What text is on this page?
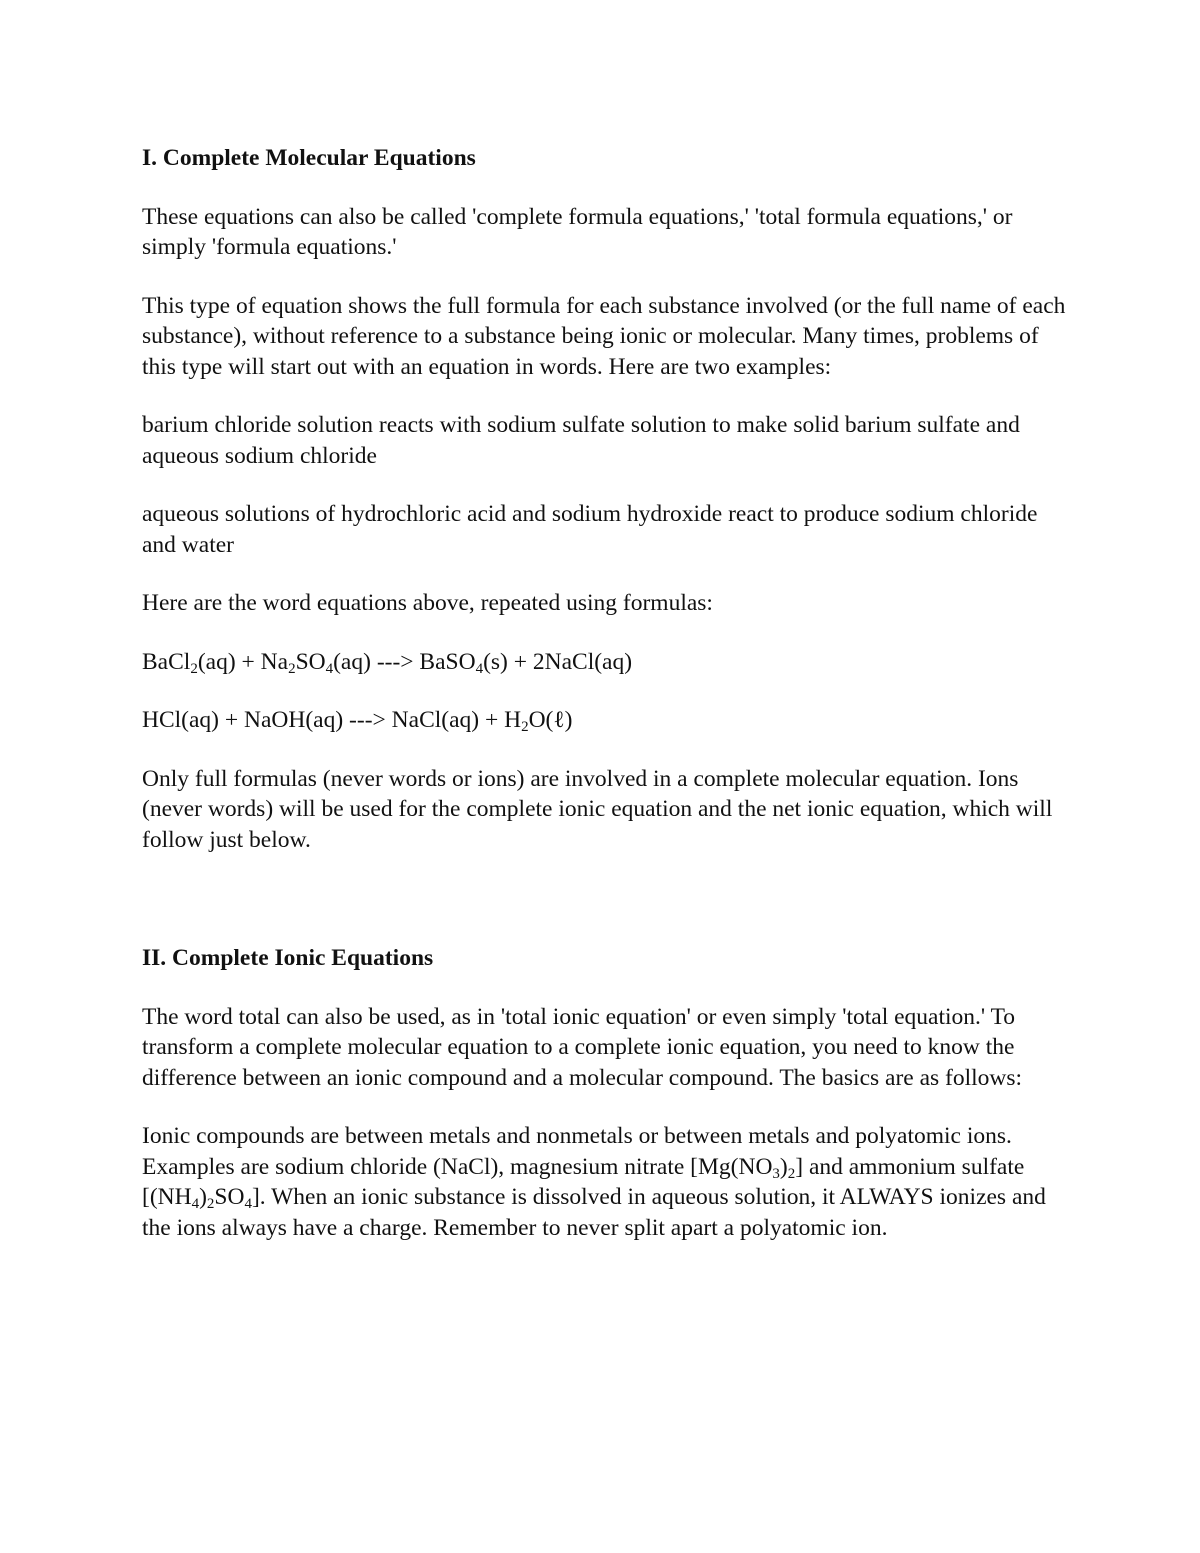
I. Complete Molecular Equations

These equations can also be called 'complete formula equations,' 'total formula equations,' or simply 'formula equations.'

This type of equation shows the full formula for each substance involved (or the full name of each substance), without reference to a substance being ionic or molecular. Many times, problems of this type will start out with an equation in words. Here are two examples:

barium chloride solution reacts with sodium sulfate solution to make solid barium sulfate and aqueous sodium chloride

aqueous solutions of hydrochloric acid and sodium hydroxide react to produce sodium chloride and water

Here are the word equations above, repeated using formulas:

BaCl$_2$(aq) + $Na_2SO_4(aq)$ ---> BaSO$_4$(s) + 2NaCl(aq)

HCl(aq) + NaOH(aq) ---> NaCl(aq) + $H_2O(\ell)$

Only full formulas (never words or ions) are involved in a complete molecular equation. Ions (never words) will be used for the complete ionic equation and the net ionic equation, which will follow just below.

II. Complete Ionic Equations

The word total can also be used, as in 'total ionic equation' or even simply 'total equation.' To transform a complete molecular equation to a complete ionic equation, you need to know the difference between an ionic compound and a molecular compound. The basics are as follows:

Ionic compounds are between metals and nonmetals or between metals and polyatomic ions. Examples are sodium chloride (NaCl), magnesium nitrate $[Mg(NO_3)_2]$ and ammonium sulfate $[(NH_4)_2SO_4]$. When an ionic substance is dissolved in aqueous solution, it ALWAYS ionizes and the ions always have a charge. Remember to never split apart a polyatomic ion.
